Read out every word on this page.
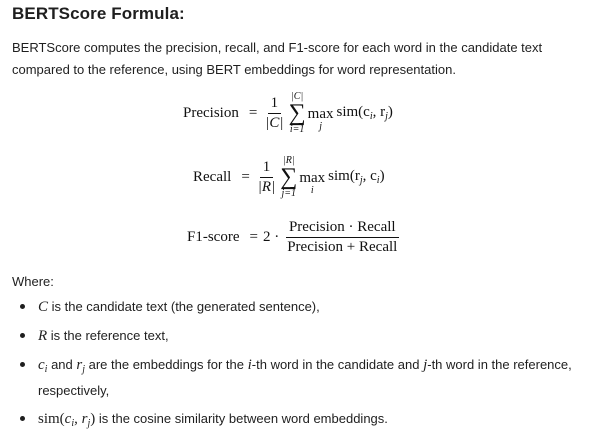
BERTScore Formula:
BERTScore computes the precision, recall, and F1-score for each word in the candidate text compared to the reference, using BERT embeddings for word representation.
Precision = $\frac{1}{|C|} |C|$
∑
i=1
max
j
$sim(c_i$, $r_j$)
Recall = $\frac{1}{|R|} |R|$
∑
j=1
max
i
$sim(r_j$, $c_i$)
F1-score = $2 \cdot \frac{\text{Precision · Recall}}{\text{Precision + Recall}}$
Where:
C is the candidate text (the generated sentence),
R is the reference text,
$c_i$ and $r_j$ are the embeddings for the i-th word in the candidate and j-th word in the reference, respectively,
$sim(c_i$, $r_j$) is the cosine similarity between word embeddings.
